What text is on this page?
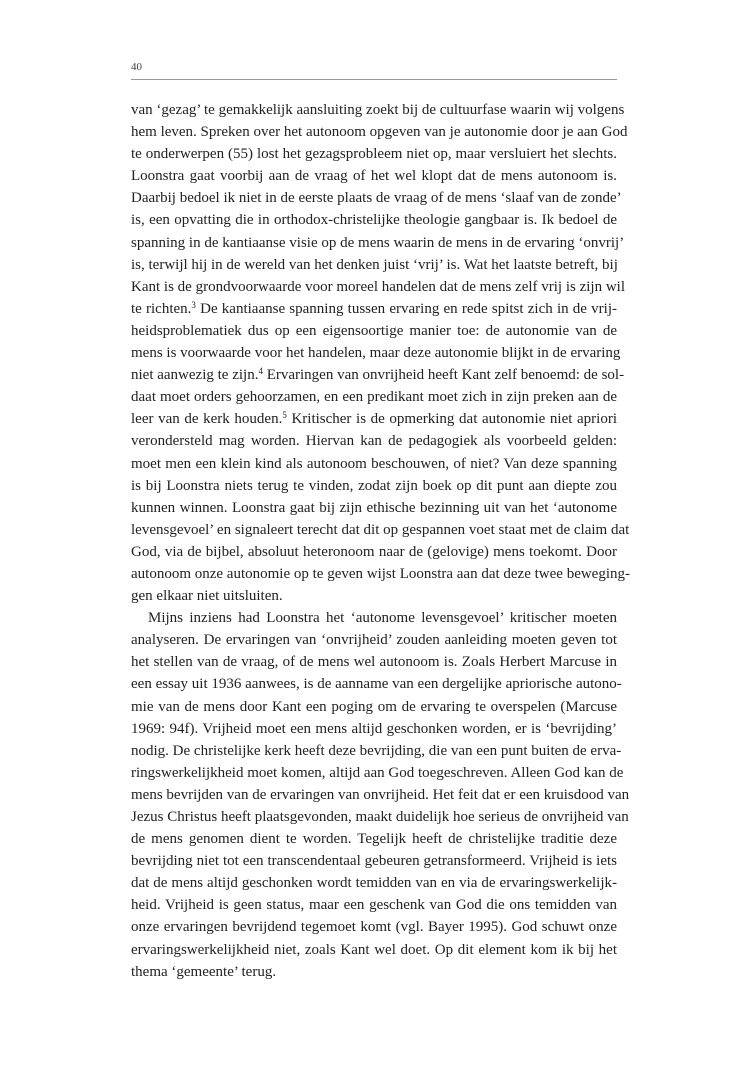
40
van ‘gezag’ te gemakkelijk aansluiting zoekt bij de cultuurfase waarin wij volgens
hem leven. Spreken over het autonoom opgeven van je autonomie door je aan God
te onderwerpen (55) lost het gezagsprobleem niet op, maar versluiert het slechts.
Loonstra gaat voorbij aan de vraag of het wel klopt dat de mens autonoom is.
Daarbij bedoel ik niet in de eerste plaats de vraag of de mens ‘slaaf van de zonde’
is, een opvatting die in orthodox-christelijke theologie gangbaar is. Ik bedoel de
spanning in de kantiaanse visie op de mens waarin de mens in de ervaring ‘onvrij’
is, terwijl hij in de wereld van het denken juist ‘vrij’ is. Wat het laatste betreft, bij
Kant is de grondvoorwaarde voor moreel handelen dat de mens zelf vrij is zijn wil
te richten.$^3$ De kantiaanse spanning tussen ervaring en rede spitst zich in de vrij-
heidsproblematiek dus op een eigensoortige manier toe: de autonomie van de
mens is voorwaarde voor het handelen, maar deze autonomie blijkt in de ervaring
niet aanwezig te zijn.$^4$ Ervaringen van onvrijheid heeft Kant zelf benoemd: de sol-
daat moet orders gehoorzamen, en een predikant moet zich in zijn preken aan de
leer van de kerk houden.$^5$ Kritischer is de opmerking dat autonomie niet apriori
verondersteld mag worden. Hiervan kan de pedagogiek als voorbeeld gelden:
moet men een klein kind als autonoom beschouwen, of niet? Van deze spanning
is bij Loonstra niets terug te vinden, zodat zijn boek op dit punt aan diepte zou
kunnen winnen. Loonstra gaat bij zijn ethische bezinning uit van het ‘autonome
levensgevoel’ en signaleert terecht dat dit op gespannen voet staat met de claim dat
God, via de bijbel, absoluut heteronoom naar de (gelovige) mens toekomt. Door
autonoom onze autonomie op te geven wijst Loonstra aan dat deze twee beweging-
gen elkaar niet uitsluiten.
Mijns inziens had Loonstra het ‘autonome levensgevoel’ kritischer moeten
analyseren. De ervaringen van ‘onvrijheid’ zouden aanleiding moeten geven tot
het stellen van de vraag, of de mens wel autonoom is. Zoals Herbert Marcuse in
een essay uit 1936 aanwees, is de aanname van een dergelijke apriorische autono-
mie van de mens door Kant een poging om de ervaring te overspelen (Marcuse
1969: 94f). Vrijheid moet een mens altijd geschonken worden, er is ‘bevrijding’
nodig. De christelijke kerk heeft deze bevrijding, die van een punt buiten de erva-
ringswerkelijkheid moet komen, altijd aan God toegeschreven. Alleen God kan de
mens bevrijden van de ervaringen van onvrijheid. Het feit dat er een kruisdood van
Jezus Christus heeft plaatsgevonden, maakt duidelijk hoe serieus de onvrijheid van
de mens genomen dient te worden. Tegelijk heeft de christelijke traditie deze
bevrijding niet tot een transcendentaal gebeuren getransformeerd. Vrijheid is iets
dat de mens altijd geschonken wordt temidden van en via de ervaringswerkelijk-
heid. Vrijheid is geen status, maar een geschenk van God die ons temidden van
onze ervaringen bevrijdend tegemoet komt (vgl. Bayer 1995). God schuwt onze
ervaringswerkelijkheid niet, zoals Kant wel doet. Op dit element kom ik bij het
thema ‘gemeente’ terug.
